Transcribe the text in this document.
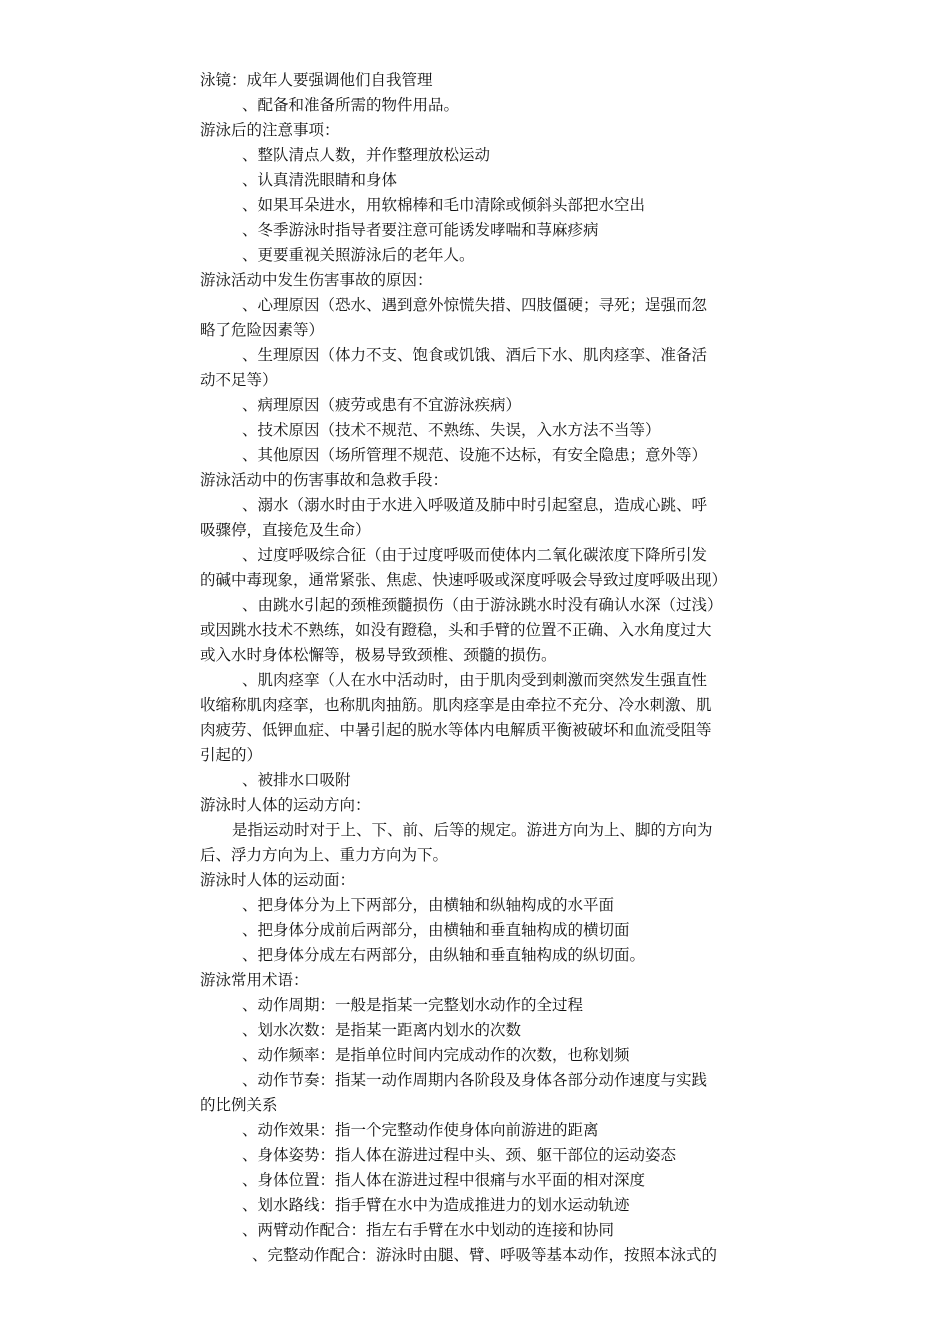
泳镜：成年人要强调他们自我管理
、配备和准备所需的物件用品。
游泳后的注意事项：
、整队清点人数，并作整理放松运动
、认真清洗眼睛和身体
、如果耳朵进水，用软棉棒和毛巾清除或倾斜头部把水空出
、冬季游泳时指导者要注意可能诱发哮喘和荨麻疹病
、更要重视关照游泳后的老年人。
游泳活动中发生伤害事故的原因：
、心理原因（恐水、遇到意外惊慌失措、四肢僵硬；寻死；逞强而忽
略了危险因素等）
、生理原因（体力不支、饱食或饥饿、酒后下水、肌肉痉挛、准备活
动不足等）
、病理原因（疲劳或患有不宜游泳疾病）
、技术原因（技术不规范、不熟练、失误，入水方法不当等）
、其他原因（场所管理不规范、设施不达标，有安全隐患；意外等）
游泳活动中的伤害事故和急救手段：
、溺水（溺水时由于水进入呼吸道及肺中时引起窒息，造成心跳、呼
吸骤停，直接危及生命）
、过度呼吸综合征（由于过度呼吸而使体内二氧化碳浓度下降所引发
的碱中毒现象，通常紧张、焦虑、快速呼吸或深度呼吸会导致过度呼吸出现）
、由跳水引起的颈椎颈髓损伤（由于游泳跳水时没有确认水深（过浅）
或因跳水技术不熟练，如没有蹬稳，头和手臂的位置不正确、入水角度过大
或入水时身体松懈等，极易导致颈椎、颈髓的损伤。
、肌肉痉挛（人在水中活动时，由于肌肉受到刺激而突然发生强直性
收缩称肌肉痉挛，也称肌肉抽筋。肌肉痉挛是由牵拉不充分、冷水刺激、肌
肉疲劳、低钾血症、中暑引起的脱水等体内电解质平衡被破坏和血流受阻等
引起的）
、被排水口吸附
游泳时人体的运动方向：
是指运动时对于上、下、前、后等的规定。游进方向为上、脚的方向为
后、浮力方向为上、重力方向为下。
游泳时人体的运动面：
、把身体分为上下两部分，由横轴和纵轴构成的水平面
、把身体分成前后两部分，由横轴和垂直轴构成的横切面
、把身体分成左右两部分，由纵轴和垂直轴构成的纵切面。
游泳常用术语：
、动作周期：一般是指某一完整划水动作的全过程
、划水次数：是指某一距离内划水的次数
、动作频率：是指单位时间内完成动作的次数，也称划频
、动作节奏：指某一动作周期内各阶段及身体各部分动作速度与实践
的比例关系
、动作效果：指一个完整动作使身体向前游进的距离
、身体姿势：指人体在游进过程中头、颈、躯干部位的运动姿态
、身体位置：指人体在游进过程中很痛与水平面的相对深度
、划水路线：指手臂在水中为造成推进力的划水运动轨迹
、两臂动作配合：指左右手臂在水中划动的连接和协同
、完整动作配合：游泳时由腿、臂、呼吸等基本动作，按照本泳式的
